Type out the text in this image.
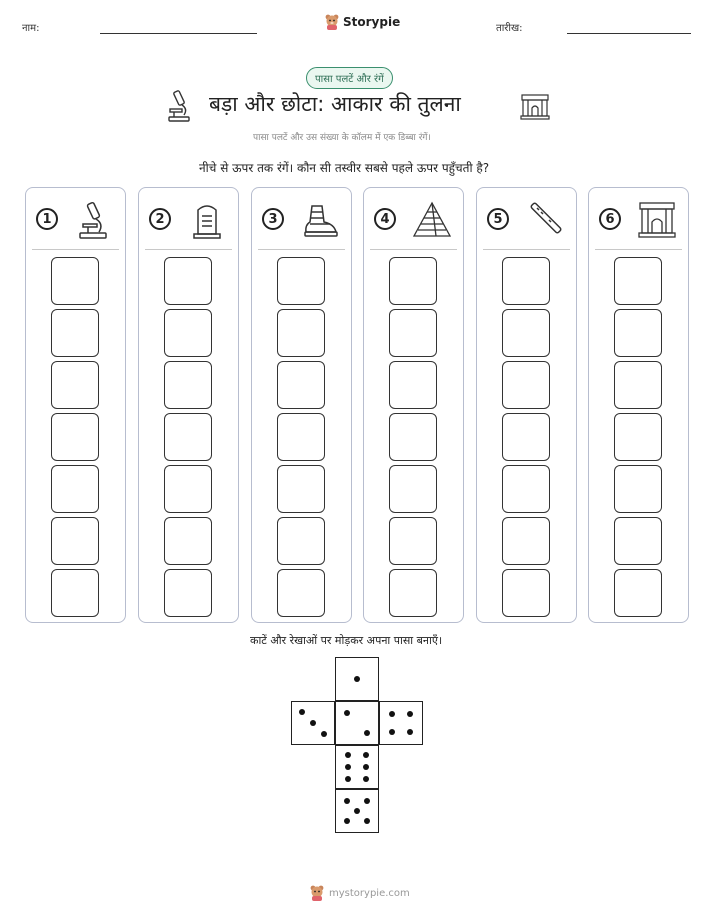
नाम:	Storypie	तारीख:
पासा पलटें और रंगें
बड़ा और छोटा: आकार की तुलना
पासा पलटें और उस संख्या के कॉलम में एक डिब्बा रंगें।
नीचे से ऊपर तक रंगें। कौन सी तस्वीर सबसे पहले ऊपर पहुँचती है?
1	2	3	4	5	6
काटें और रेखाओं पर मोड़कर अपना पासा बनाएँ।
mystorypie.com
